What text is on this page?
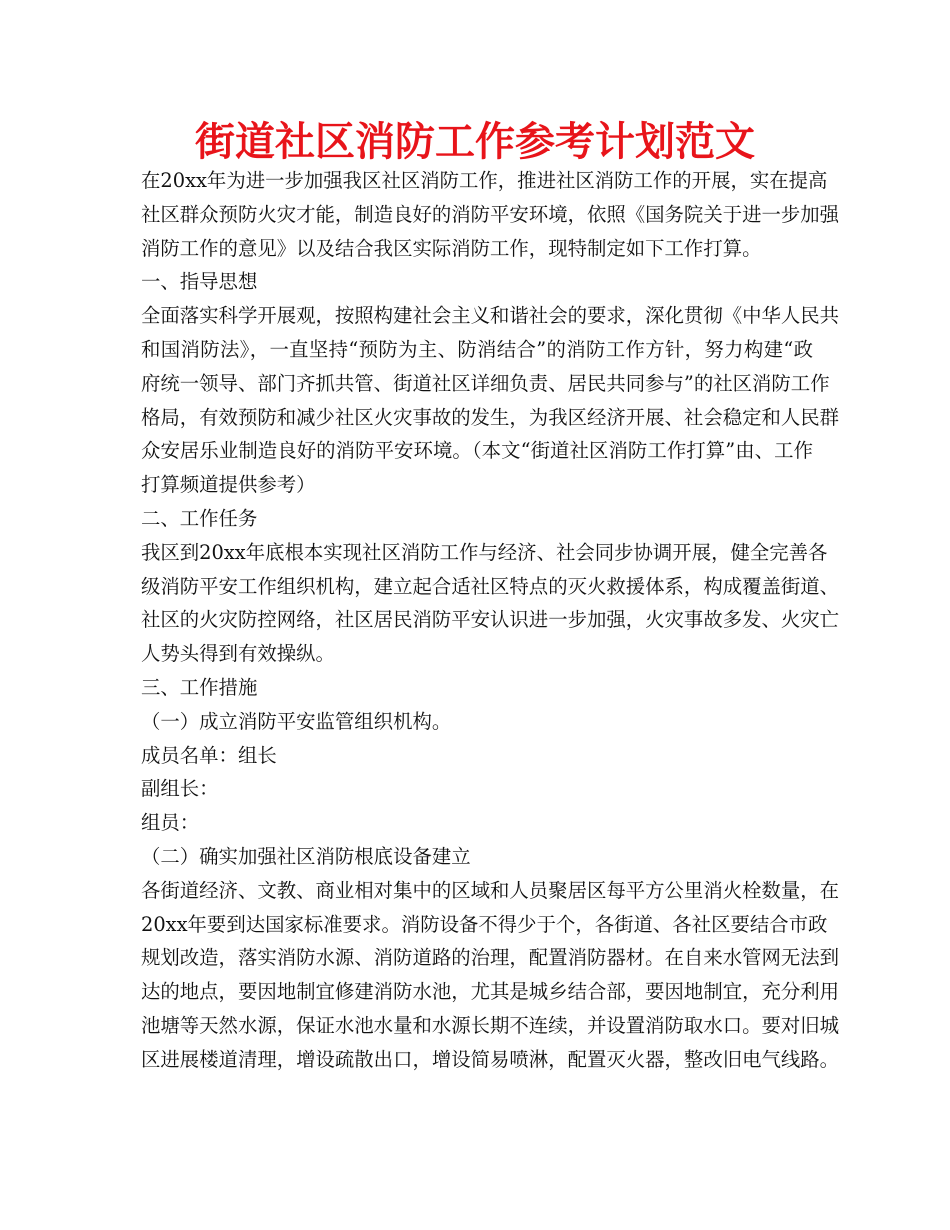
街道社区消防工作参考计划范文
在20xx年为进一步加强我区社区消防工作，推进社区消防工作的开展，实在提高
社区群众预防火灾才能，制造良好的消防平安环境，依照《国务院关于进一步加强
消防工作的意见》以及结合我区实际消防工作，现特制定如下工作打算。
一、指导思想
全面落实科学开展观，按照构建社会主义和谐社会的要求，深化贯彻《中华人民共
和国消防法》，一直坚持“预防为主、防消结合”的消防工作方针，努力构建“政
府统一领导、部门齐抓共管、街道社区详细负责、居民共同参与”的社区消防工作
格局，有效预防和减少社区火灾事故的发生，为我区经济开展、社会稳定和人民群
众安居乐业制造良好的消防平安环境。（本文“街道社区消防工作打算”由、工作
打算频道提供参考）
二、工作任务
我区到20xx年底根本实现社区消防工作与经济、社会同步协调开展，健全完善各
级消防平安工作组织机构，建立起合适社区特点的灭火救援体系，构成覆盖街道、
社区的火灾防控网络，社区居民消防平安认识进一步加强，火灾事故多发、火灾亡
人势头得到有效操纵。
三、工作措施
（一）成立消防平安监管组织机构。
成员名单：组长
副组长：
组员：
（二）确实加强社区消防根底设备建立
各街道经济、文教、商业相对集中的区域和人员聚居区每平方公里消火栓数量，在
20xx年要到达国家标准要求。消防设备不得少于个，各街道、各社区要结合市政
规划改造，落实消防水源、消防道路的治理，配置消防器材。在自来水管网无法到
达的地点，要因地制宜修建消防水池，尤其是城乡结合部，要因地制宜，充分利用
池塘等天然水源，保证水池水量和水源长期不连续，并设置消防取水口。要对旧城
区进展楼道清理，增设疏散出口，增设简易喷淋，配置灭火器，整改旧电气线路。
